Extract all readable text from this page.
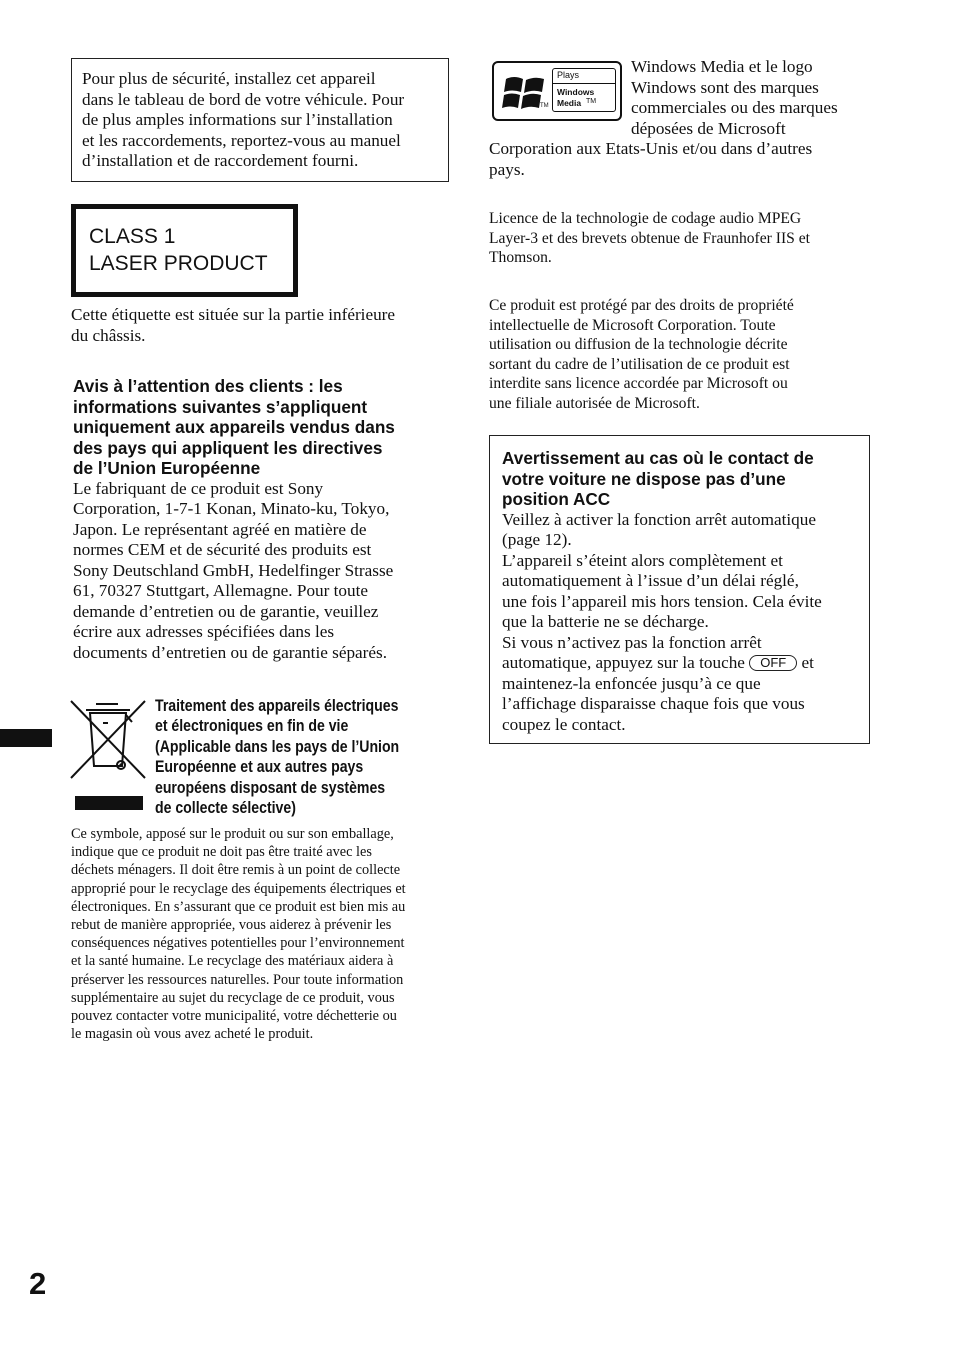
Pour plus de sécurité, installez cet appareil
dans le tableau de bord de votre véhicule. Pour
de plus amples informations sur l’installation
et les raccordements, reportez-vous au manuel
d’installation et de raccordement fourni.
CLASS 1
LASER PRODUCT
Cette étiquette est située sur la partie inférieure
du châssis.
Avis à l’attention des clients : les
informations suivantes s’appliquent
uniquement aux appareils vendus dans
des pays qui appliquent les directives
de l’Union Européenne
Le fabriquant de ce produit est Sony
Corporation, 1-7-1 Konan, Minato-ku, Tokyo,
Japon. Le représentant agréé en matière de
normes CEM et de sécurité des produits est
Sony Deutschland GmbH, Hedelfinger Strasse
61, 70327 Stuttgart, Allemagne. Pour toute
demande d’entretien ou de garantie, veuillez
écrire aux adresses spécifiées dans les
documents d’entretien ou de garantie séparés.
Traitement des appareils électriques
et électroniques en fin de vie
(Applicable dans les pays de l’Union
Européenne et aux autres pays
européens disposant de systèmes
de collecte sélective)
Ce symbole, apposé sur le produit ou sur son emballage,
indique que ce produit ne doit pas être traité avec les
déchets ménagers. Il doit être remis à un point de collecte
approprié pour le recyclage des équipements électriques et
électroniques. En s’assurant que ce produit est bien mis au
rebut de manière appropriée, vous aiderez à prévenir les
conséquences négatives potentielles pour l’environnement
et la santé humaine. Le recyclage des matériaux aidera à
préserver les ressources naturelles. Pour toute information
supplémentaire au sujet du recyclage de ce produit, vous
pouvez contacter votre municipalité, votre déchetterie ou
le magasin où vous avez acheté le produit.
TM
Plays
Windows
Media TM
Windows Media et le logo
Windows sont des marques
commerciales ou des marques
déposées de Microsoft
Corporation aux Etats-Unis et/ou dans d’autres
pays.
Licence de la technologie de codage audio MPEG
Layer-3 et des brevets obtenue de Fraunhofer IIS et
Thomson.
Ce produit est protégé par des droits de propriété
intellectuelle de Microsoft Corporation. Toute
utilisation ou diffusion de la technologie décrite
sortant du cadre de l’utilisation de ce produit est
interdite sans licence accordée par Microsoft ou
une filiale autorisée de Microsoft.
Avertissement au cas où le contact de
votre voiture ne dispose pas d’une
position ACC
Veillez à activer la fonction arrêt automatique
(page 12).
L’appareil s’éteint alors complètement et
automatiquement à l’issue d’un délai réglé,
une fois l’appareil mis hors tension. Cela évite
que la batterie ne se décharge.
Si vous n’activez pas la fonction arrêt
automatique, appuyez sur la touche OFF et
maintenez-la enfoncée jusqu’à ce que
l’affichage disparaisse chaque fois que vous
coupez le contact.
2
